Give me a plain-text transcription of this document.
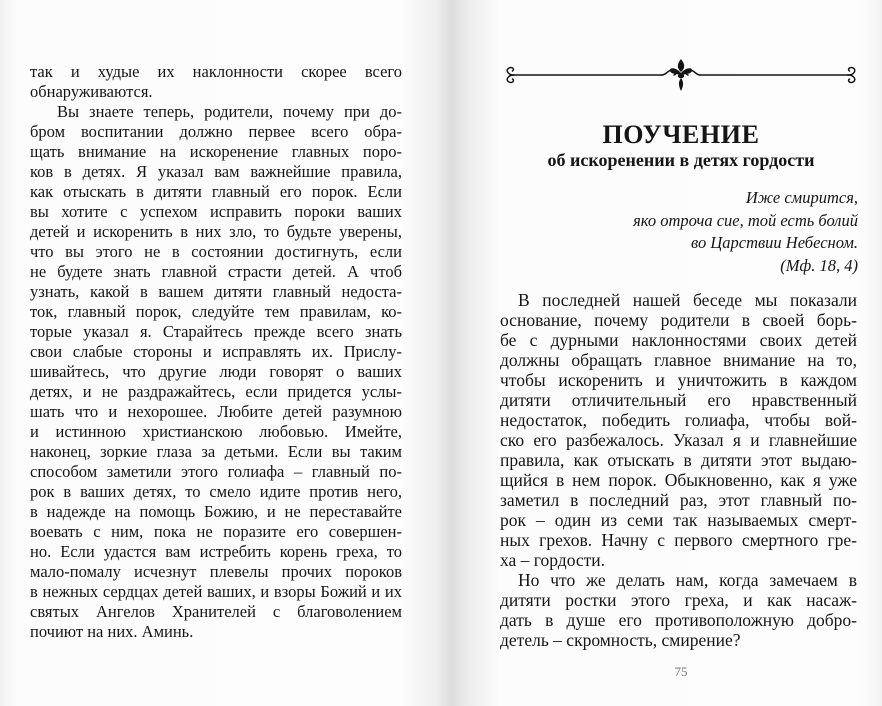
так и худые их наклонности скорее всего
обнаруживаются.
Вы знаете теперь, родители, почему при до-
бром воспитании должно первее всего обра-
щать внимание на искоренение главных поро-
ков в детях. Я указал вам важнейшие правила,
как отыскать в дитяти главный его порок. Если
вы хотите с успехом исправить пороки ваших
детей и искоренить в них зло, то будьте уверены,
что вы этого не в состоянии достигнуть, если
не будете знать главной страсти детей. А чтоб
узнать, какой в вашем дитяти главный недоста-
ток, главный порок, следуйте тем правилам, ко-
торые указал я. Старайтесь прежде всего знать
свои слабые стороны и исправлять их. Прислу-
шивайтесь, что другие люди говорят о ваших
детях, и не раздражайтесь, если придется услы-
шать что и нехорошее. Любите детей разумною
и истинною христианскою любовью. Имейте,
наконец, зоркие глаза за детьми. Если вы таким
способом заметили этого голиафа – главный по-
рок в ваших детях, то смело идите против него,
в надежде на помощь Божию, и не переставайте
воевать с ним, пока не поразите его совершен-
но. Если удастся вам истребить корень греха, то
мало-помалу исчезнут плевелы прочих пороков
в нежных сердцах детей ваших, и взоры Божий и их
святых Ангелов Хранителей с благоволением
почиют на них. Аминь.
ПОУЧЕНИЕ
об искоренении в детях гордости
Иже смирится,
яко отроча сие, той есть болий
во Царствии Небесном.
(Мф. 18, 4)
В последней нашей беседе мы показали
основание, почему родители в своей борь-
бе с дурными наклонностями своих детей
должны обращать главное внимание на то,
чтобы искоренить и уничтожить в каждом
дитяти отличительный его нравственный
недостаток, победить голиафа, чтобы вой-
ско его разбежалось. Указал я и главнейшие
правила, как отыскать в дитяти этот выдаю-
щийся в нем порок. Обыкновенно, как я уже
заметил в последний раз, этот главный по-
рок – один из семи так называемых смерт-
ных грехов. Начну с первого смертного гре-
ха – гордости.
Но что же делать нам, когда замечаем в
дитяти ростки этого греха, и как насаж-
дать в душе его противоположную добро-
детель – скромность, смирение?
75
